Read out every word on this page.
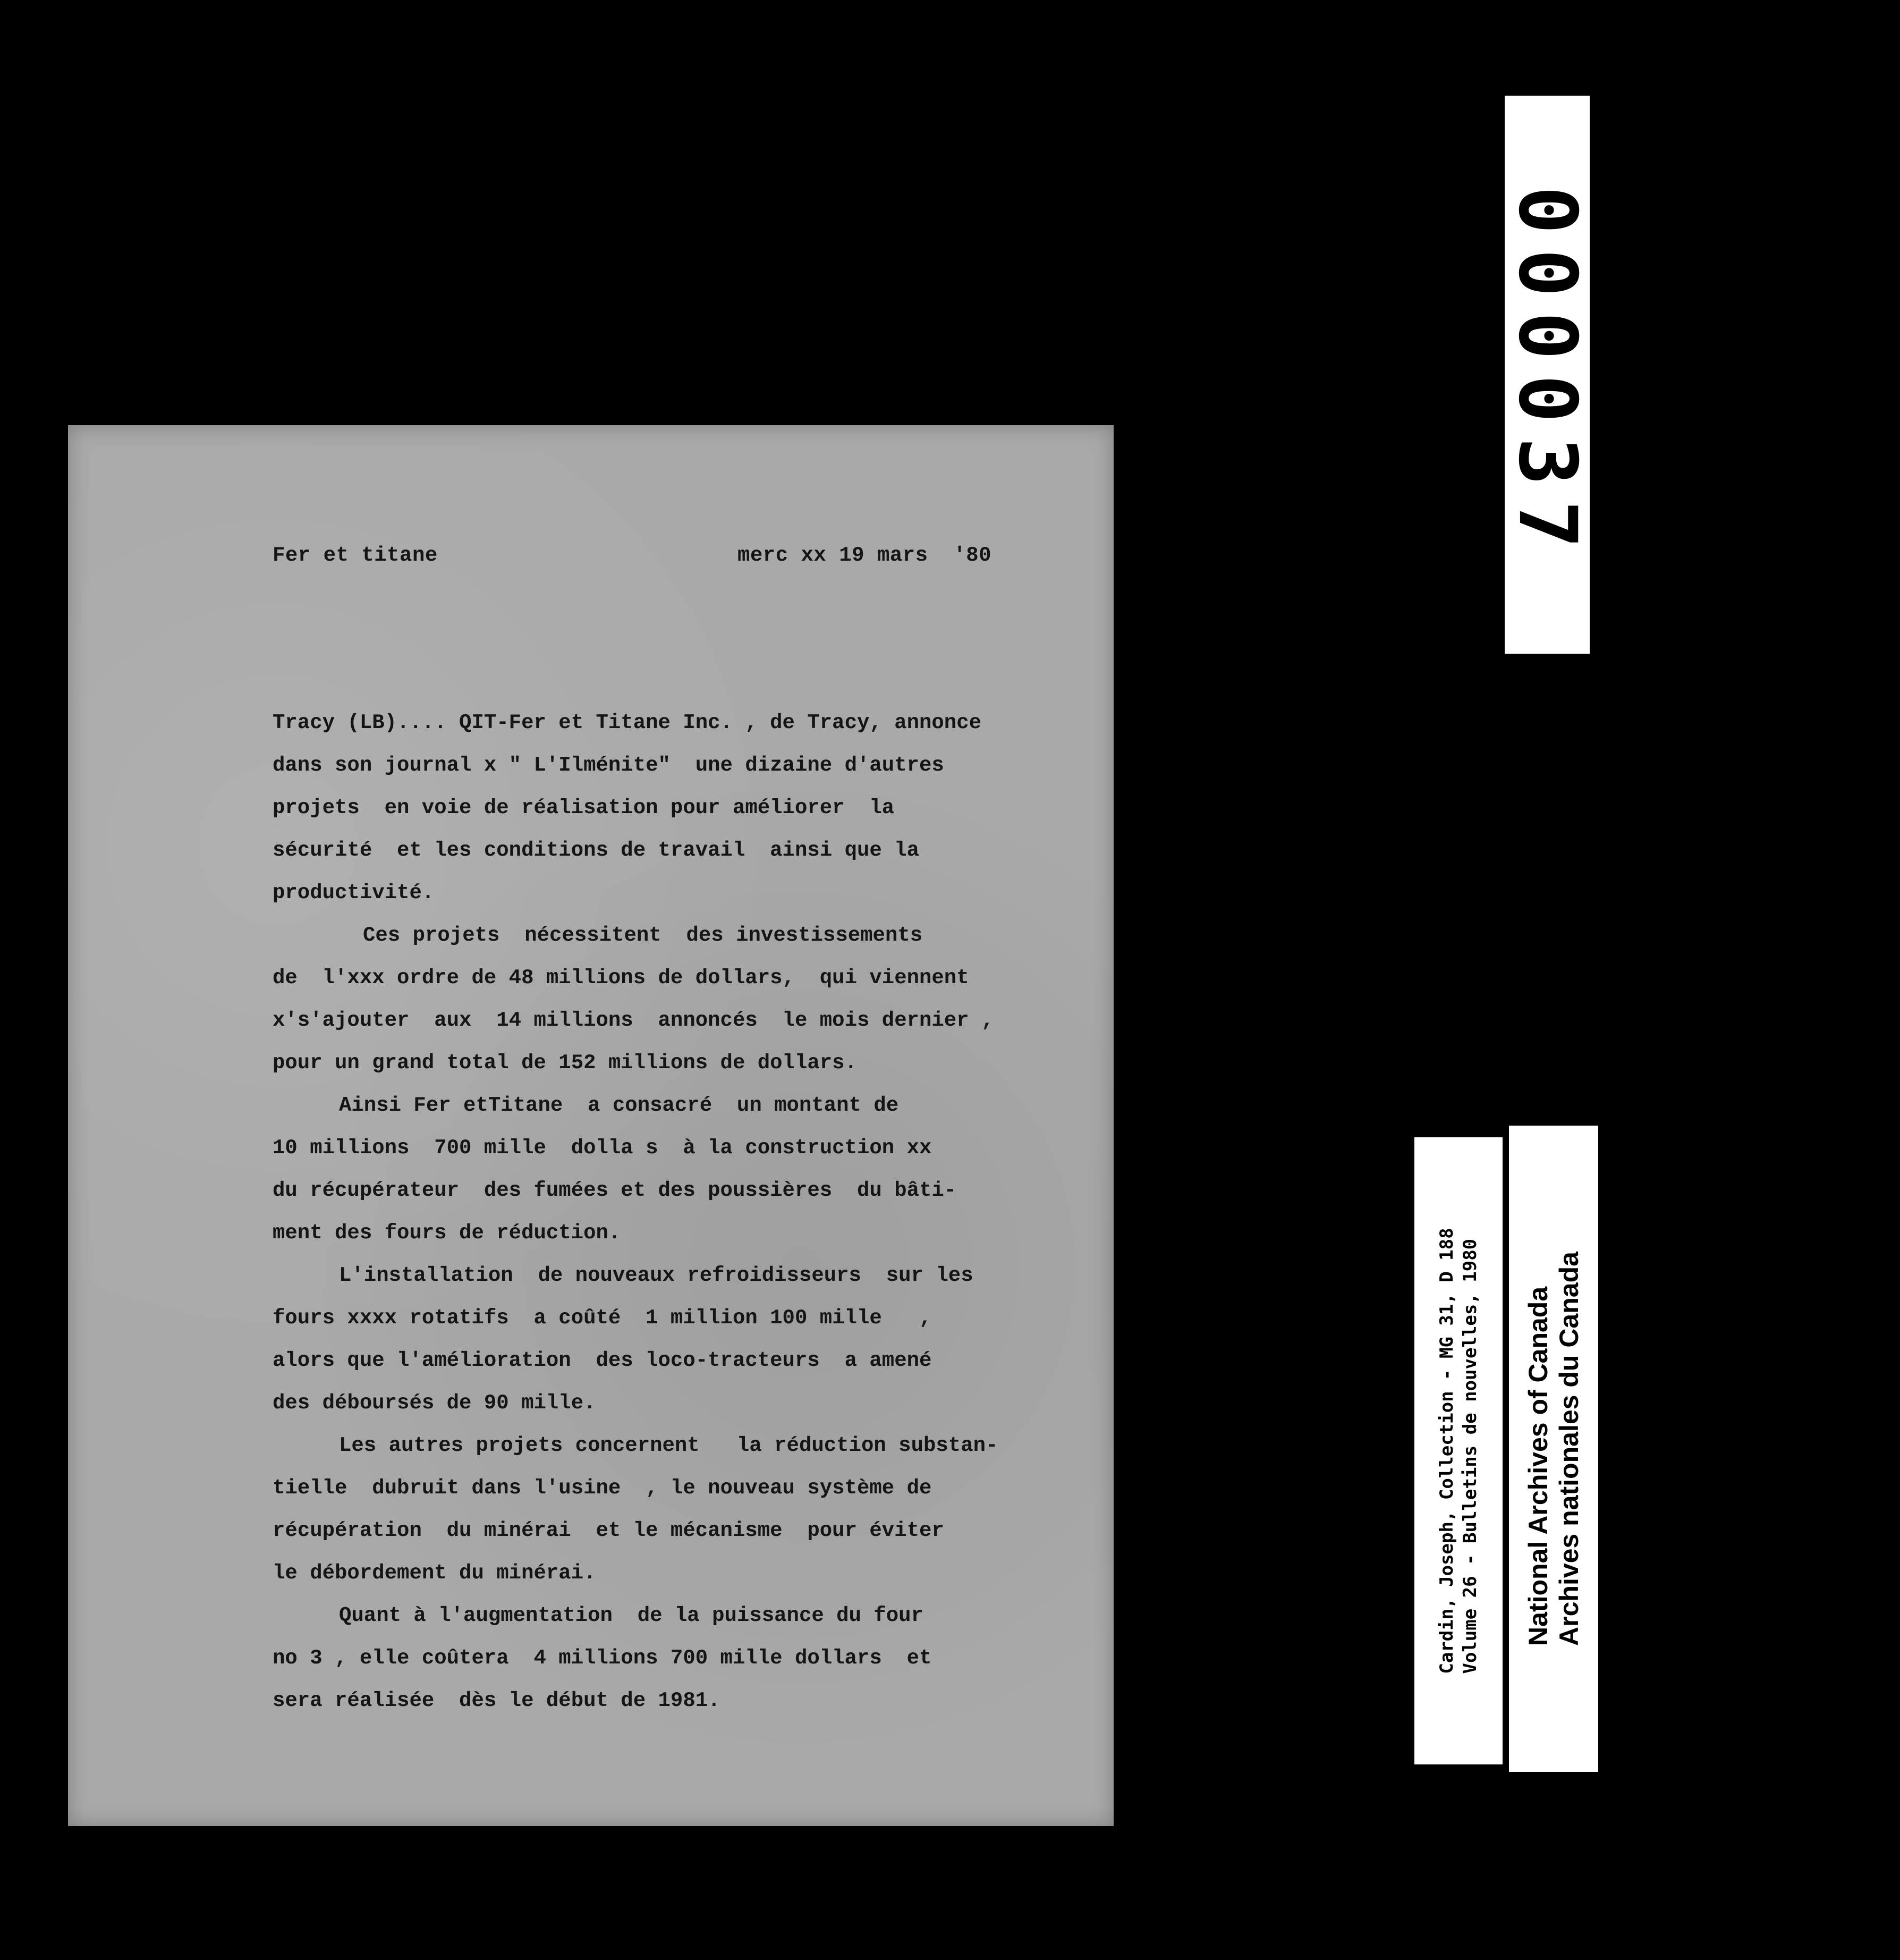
Fer et titane	merc xx 19 mars  '80
Tracy (LB).... QIT-Fer et Titane Inc. , de Tracy, annonce
dans son journal x " L'Ilménite"  une dizaine d'autres
projets  en voie de réalisation pour améliorer  la
sécurité  et les conditions de travail  ainsi que la
productivité.
Ces projets  nécessitent  des investissements
de  l'xxx ordre de 48 millions de dollars,  qui viennent
x's'ajouter  aux  14 millions  annoncés  le mois dernier ,
pour un grand total de 152 millions de dollars.
Ainsi Fer etTitane  a consacré  un montant de
10 millions  700 mille  dolla s  à la construction xx
du récupérateur  des fumées et des poussières  du bâti-
ment des fours de réduction.
L'installation  de nouveaux refroidisseurs  sur les
fours xxxx rotatifs  a coûté  1 million 100 mille   ,
alors que l'amélioration  des loco-tracteurs  a amené
des déboursés de 90 mille.
Les autres projets concernent   la réduction substan-
tielle  dubruit dans l'usine  , le nouveau système de
récupération  du minérai  et le mécanisme  pour éviter
le débordement du minérai.
Quant à l'augmentation  de la puissance du four
no 3 , elle coûtera  4 millions 700 mille dollars  et
sera réalisée  dès le début de 1981.
000037
Cardin, Joseph, Collection - MG 31, D 188 Volume 26 - Bulletins de nouvelles, 1980 National Archives of Canada Archives nationales du Canada
